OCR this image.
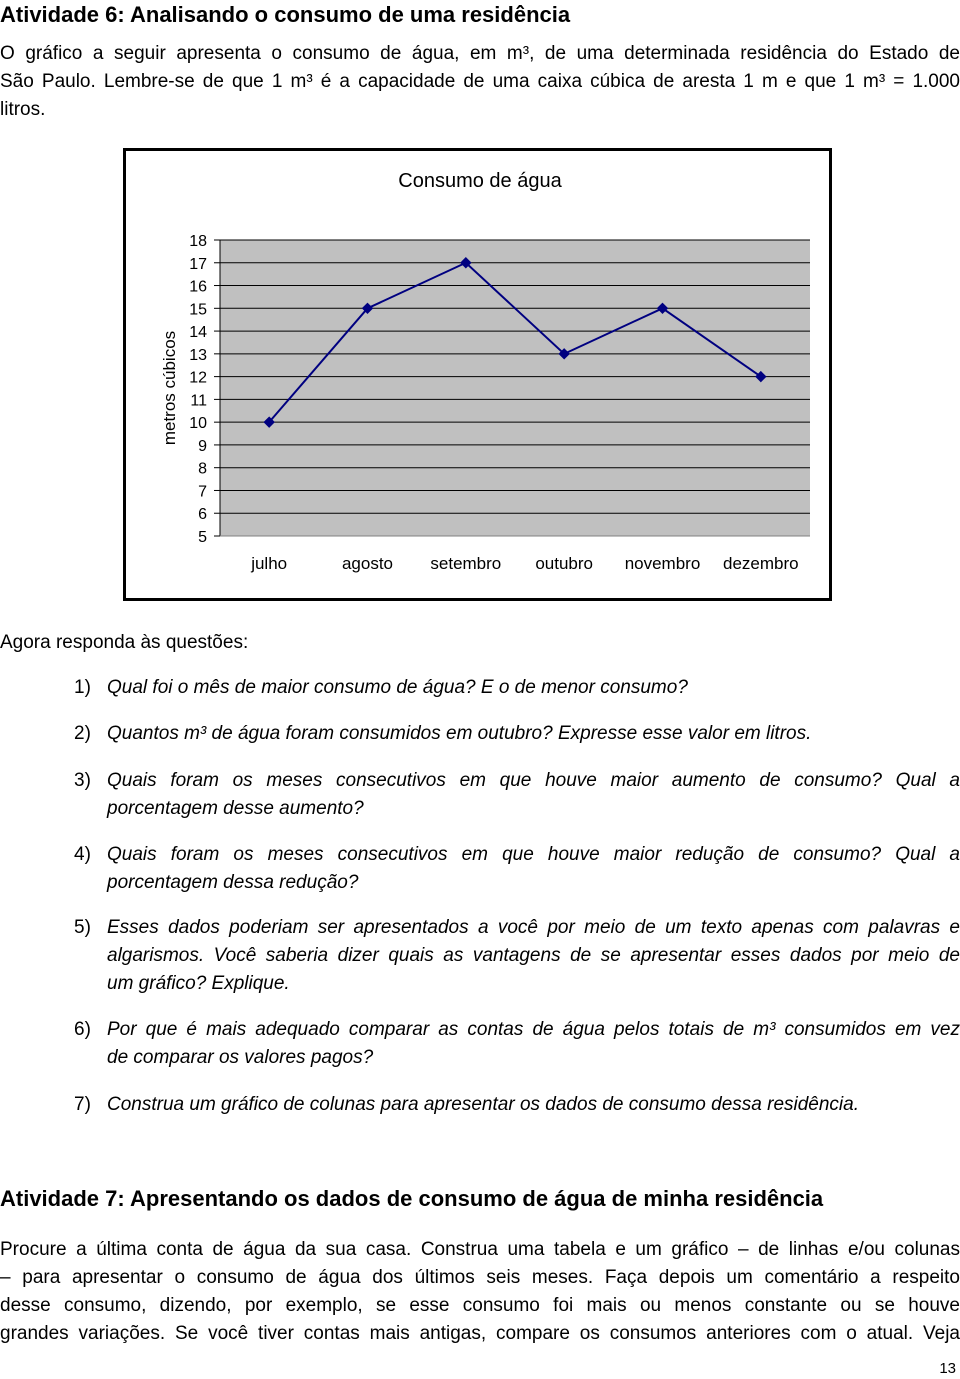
Atividade 6: Analisando o consumo de uma residência
O gráfico a seguir apresenta o consumo de água, em m³, de uma determinada residência do Estado de
São Paulo. Lembre-se de que 1 m³ é a capacidade de uma caixa cúbica de aresta 1 m e que 1 m³ = 1.000
litros.
Consumo de água
18
17
16
15
14
13
12
11
10
9
8
7
6
5
metros cúbicos
julho	agosto setembro outubro novembro dezembro
Agora responda às questões:
1) Qual foi o mês de maior consumo de água? E o de menor consumo?
2) Quantos m³ de água foram consumidos em outubro? Expresse esse valor em litros.
3) Quais foram os meses consecutivos em que houve maior aumento de consumo? Qual a
porcentagem desse aumento?
4) Quais foram os meses consecutivos em que houve maior redução de consumo? Qual a
porcentagem dessa redução?
5) Esses dados poderiam ser apresentados a você por meio de um texto apenas com palavras e
algarismos. Você saberia dizer quais as vantagens de se apresentar esses dados por meio de
um gráfico? Explique.
6) Por que é mais adequado comparar as contas de água pelos totais de m³ consumidos em vez
de comparar os valores pagos?
7) Construa um gráfico de colunas para apresentar os dados de consumo dessa residência.
Atividade 7: Apresentando os dados de consumo de água de minha residência
Procure a última conta de água da sua casa. Construa uma tabela e um gráfico – de linhas e/ou colunas
– para apresentar o consumo de água dos últimos seis meses. Faça depois um comentário a respeito
desse consumo, dizendo, por exemplo, se esse consumo foi mais ou menos constante ou se houve
grandes variações. Se você tiver contas mais antigas, compare os consumos anteriores com o atual. Veja
13
